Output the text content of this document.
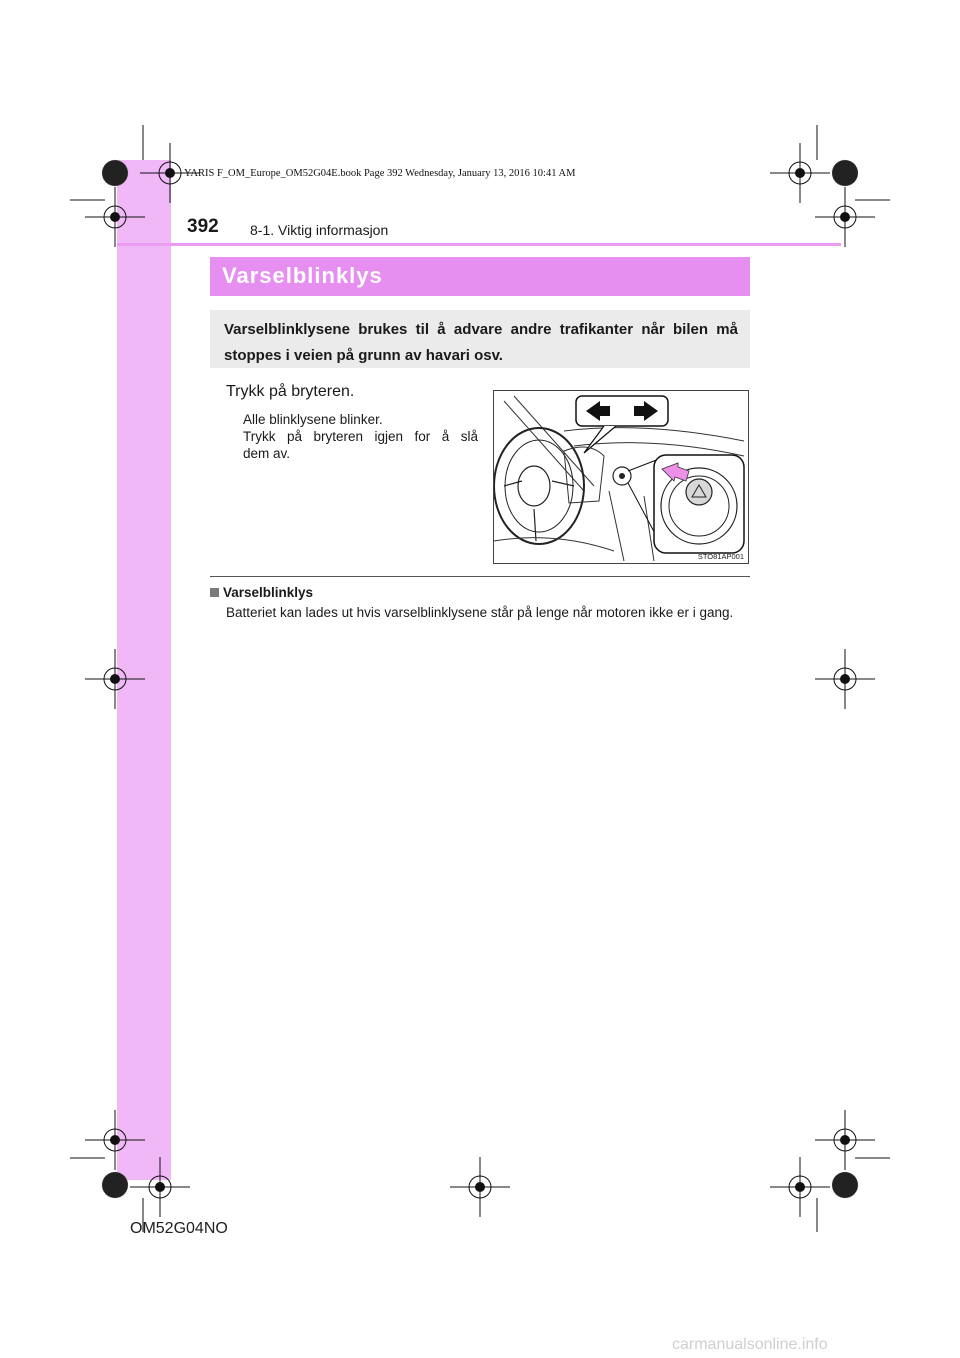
YARIS F_OM_Europe_OM52G04E.book Page 392 Wednesday, January 13, 2016 10:41 AM
392 8-1. Viktig informasjon
Varselblinklys

Varselblinklysene brukes til å advare andre trafikanter når bilen må stoppes i veien på grunn av havari osv.

Trykk på bryteren.
Alle blinklysene blinker.
Trykk på bryteren igjen for å slå
dem av.
STO81AP001
Varselblinklys
Batteriet kan lades ut hvis varselblinklysene står på lenge når motoren ikke er i gang.
OM52G04NO
carmanualsonline.info
